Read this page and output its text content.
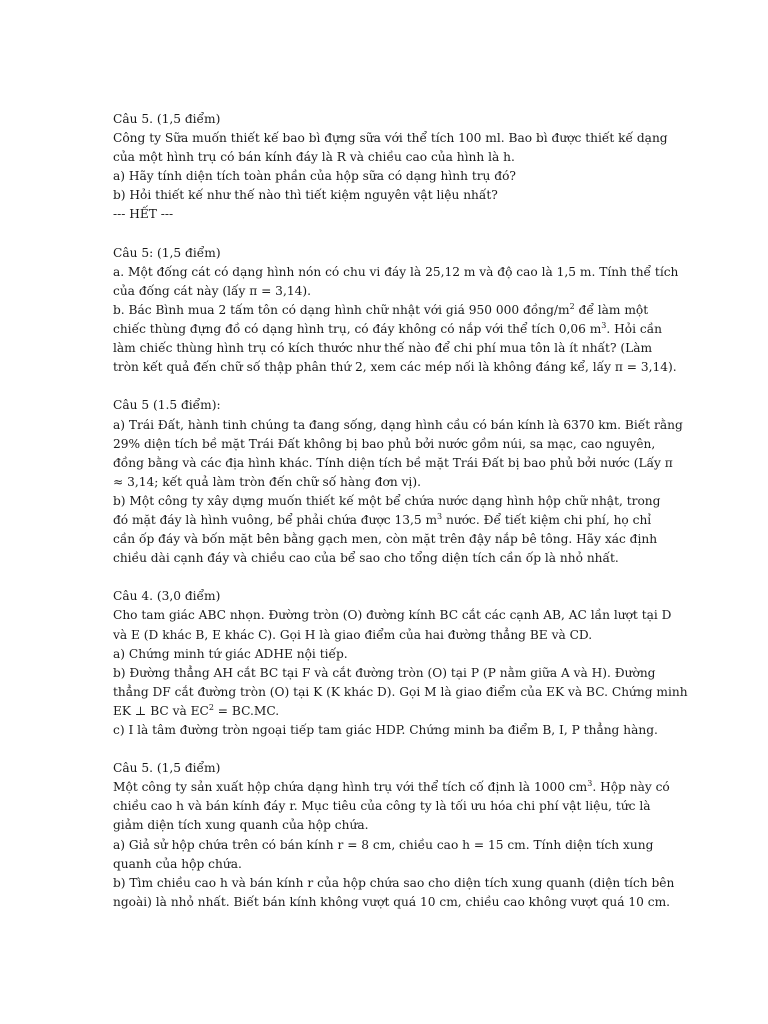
Câu 5. (1,5 điểm)
Công ty Sữa muốn thiết kế bao bì đựng sữa với thể tích 100 ml. Bao bì được thiết kế dạng
của một hình trụ có bán kính đáy là R và chiều cao của hình là h.
a) Hãy tính diện tích toàn phần của hộp sữa có dạng hình trụ đó?
b) Hỏi thiết kế như thế nào thì tiết kiệm nguyên vật liệu nhất?
--- HẾT ---
Câu 5: (1,5 điểm)
a. Một đống cát có dạng hình nón có chu vi đáy là 25,12 m và độ cao là 1,5 m. Tính thể tích
của đống cát này (lấy π = 3,14).
b. Bác Bình mua 2 tấm tôn có dạng hình chữ nhật với giá 950 000 đồng/$m^2$ để làm một
chiếc thùng đựng đồ có dạng hình trụ, có đáy không có nắp với thể tích 0,06 $m^3$. Hỏi cần
làm chiếc thùng hình trụ có kích thước như thế nào để chi phí mua tôn là ít nhất? (Làm
tròn kết quả đến chữ số thập phân thứ 2, xem các mép nối là không đáng kể, lấy π = 3,14).
Câu 5 (1.5 điểm):
a) Trái Đất, hành tinh chúng ta đang sống, dạng hình cầu có bán kính là 6370 km. Biết rằng
29% diện tích bề mặt Trái Đất không bị bao phủ bởi nước gồm núi, sa mạc, cao nguyên,
đồng bằng và các địa hình khác. Tính diện tích bề mặt Trái Đất bị bao phủ bởi nước (Lấy π
≈ 3,14; kết quả làm tròn đến chữ số hàng đơn vị).
b) Một công ty xây dựng muốn thiết kế một bể chứa nước dạng hình hộp chữ nhật, trong
đó mặt đáy là hình vuông, bể phải chứa được 13,5 $m^3$ nước. Để tiết kiệm chi phí, họ chỉ
cần ốp đáy và bốn mặt bên bằng gạch men, còn mặt trên đậy nắp bê tông. Hãy xác định
chiều dài cạnh đáy và chiều cao của bể sao cho tổng diện tích cần ốp là nhỏ nhất.
Câu 4. (3,0 điểm)
Cho tam giác ABC nhọn. Đường tròn (O) đường kính BC cắt các cạnh AB, AC lần lượt tại D
và E (D khác B, E khác C). Gọi H là giao điểm của hai đường thẳng BE và CD.
a) Chứng minh tứ giác ADHE nội tiếp.
b) Đường thẳng AH cắt BC tại F và cắt đường tròn (O) tại P (P nằm giữa A và H). Đường
thẳng DF cắt đường tròn (O) tại K (K khác D). Gọi M là giao điểm của EK và BC. Chứng minh
EK ⊥ BC và $EC^2 = BC.MC$.
c) I là tâm đường tròn ngoại tiếp tam giác HDP. Chứng minh ba điểm B, I, P thẳng hàng.
Câu 5. (1,5 điểm)
Một công ty sản xuất hộp chứa dạng hình trụ với thể tích cố định là 1000 $cm^3$. Hộp này có
chiều cao h và bán kính đáy r. Mục tiêu của công ty là tối ưu hóa chi phí vật liệu, tức là
giảm diện tích xung quanh của hộp chứa.
a) Giả sử hộp chứa trên có bán kính r = 8 cm, chiều cao h = 15 cm. Tính diện tích xung
quanh của hộp chứa.
b) Tìm chiều cao h và bán kính r của hộp chứa sao cho diện tích xung quanh (diện tích bên
ngoài) là nhỏ nhất. Biết bán kính không vượt quá 10 cm, chiều cao không vượt quá 10 cm.
